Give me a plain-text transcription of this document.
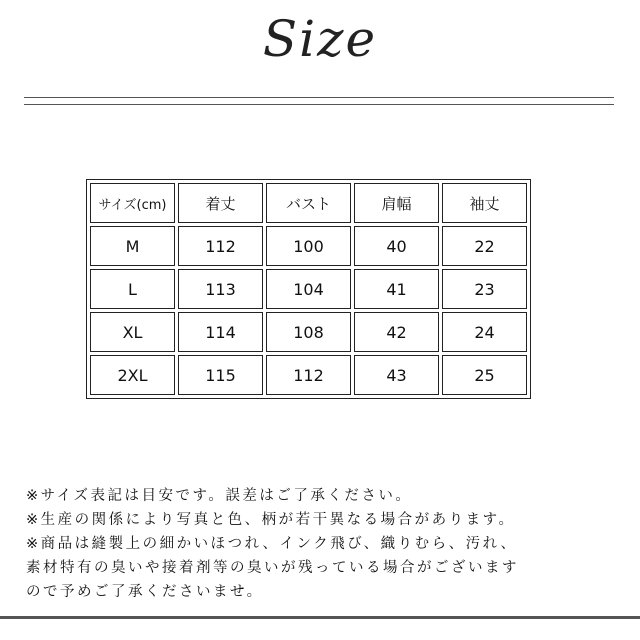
Size
サイズ(cm)	着丈	バスト	肩幅	袖丈
M	112	100	40	22
L	113	104	41	23
XL	114	108	42	24
2XL	115	112	43	25
※サイズ表記は目安です。誤差はご了承ください。
※生産の関係により写真と色、柄が若干異なる場合があります。
※商品は縫製上の細かいほつれ、インク飛び、織りむら、汚れ、
素材特有の臭いや接着剤等の臭いが残っている場合がございます
ので予めご了承くださいませ。
